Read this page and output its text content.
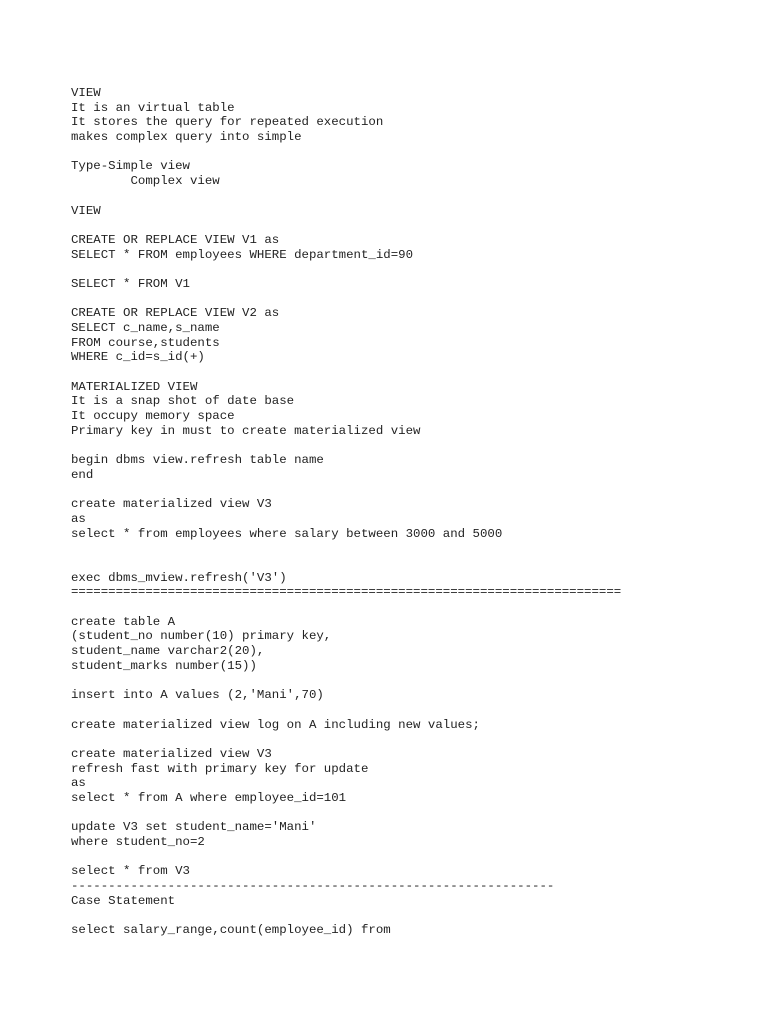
VIEW
It is an virtual table
It stores the query for repeated execution
makes complex query into simple
Type-Simple view
Complex view
VIEW
CREATE OR REPLACE VIEW V1 as
SELECT * FROM employees WHERE department_id=90
SELECT * FROM V1
CREATE OR REPLACE VIEW V2 as
SELECT c_name,s_name
FROM course,students
WHERE c_id=s_id(+)
MATERIALIZED VIEW
It is a snap shot of date base
It occupy memory space
Primary key in must to create materialized view
begin dbms view.refresh table name
end
create materialized view V3
as
select * from employees where salary between 3000 and 5000
exec dbms_mview.refresh('V3')
==========================================================================
create table A
(student_no number(10) primary key,
student_name varchar2(20),
student_marks number(15))
insert into A values (2,'Mani',70)
create materialized view log on A including new values;
create materialized view V3
refresh fast with primary key for update
as
select * from A where employee_id=101
update V3 set student_name='Mani'
where student_no=2
select * from V3
-----------------------------------------------------------------
Case Statement
select salary_range,count(employee_id) from
